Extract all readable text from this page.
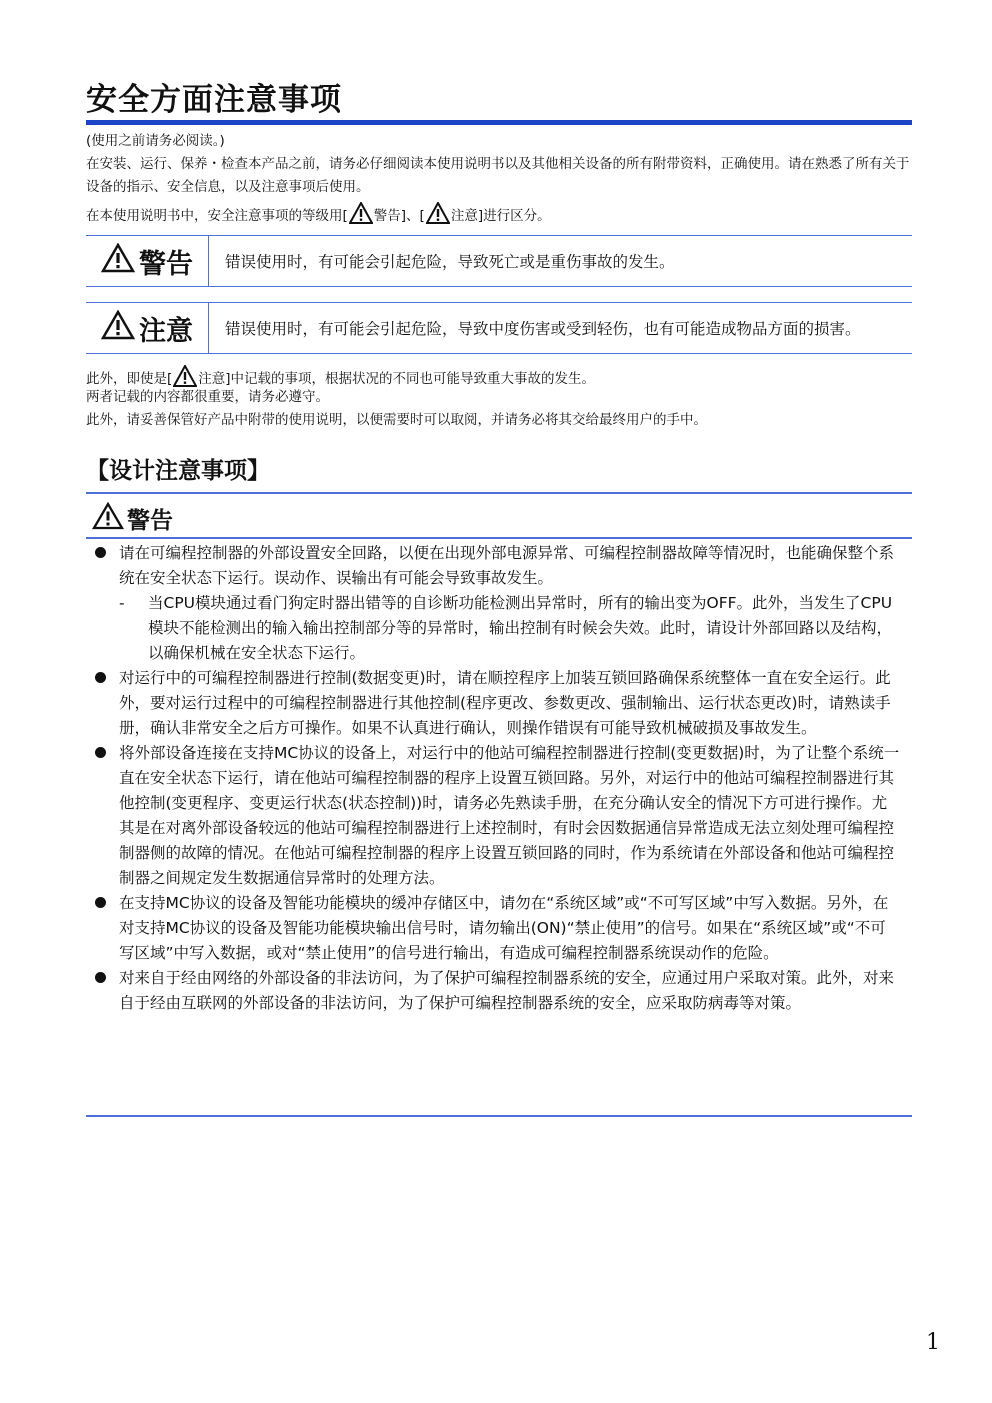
安全方面注意事项
(使用之前请务必阅读。)
在安装、运行、保养・检查本产品之前，请务必仔细阅读本使用说明书以及其他相关设备的所有附带资料，正确使用。请在熟悉了所有关于设备的指示、安全信息，以及注意事项后使用。
在本使用说明书中，安全注意事项的等级用[ 警告]、[ 注意]进行区分。
警告	错误使用时，有可能会引起危险，导致死亡或是重伤事故的发生。
注意	错误使用时，有可能会引起危险，导致中度伤害或受到轻伤，也有可能造成物品方面的损害。
此外，即使是[ 注意]中记载的事项，根据状况的不同也可能导致重大事故的发生。
两者记载的内容都很重要，请务必遵守。
此外，请妥善保管好产品中附带的使用说明，以便需要时可以取阅，并请务必将其交给最终用户的手中。
【设计注意事项】
警告
请在可编程控制器的外部设置安全回路，以便在出现外部电源异常、可编程控制器故障等情况时，也能确保整个系统在安全状态下运行。误动作、误输出有可能会导致事故发生。
- 当CPU模块通过看门狗定时器出错等的自诊断功能检测出异常时，所有的输出变为OFF。此外，当发生了CPU模块不能检测出的输入输出控制部分等的异常时，输出控制有时候会失效。此时，请设计外部回路以及结构，以确保机械在安全状态下运行。
对运行中的可编程控制器进行控制(数据变更)时，请在顺控程序上加装互锁回路确保系统整体一直在安全运行。此外，要对运行过程中的可编程控制器进行其他控制(程序更改、参数更改、强制输出、运行状态更改)时，请熟读手册，确认非常安全之后方可操作。如果不认真进行确认，则操作错误有可能导致机械破损及事故发生。
将外部设备连接在支持MC协议的设备上，对运行中的他站可编程控制器进行控制(变更数据)时，为了让整个系统一直在安全状态下运行，请在他站可编程控制器的程序上设置互锁回路。另外，对运行中的他站可编程控制器进行其他控制(变更程序、变更运行状态(状态控制))时，请务必先熟读手册，在充分确认安全的情况下方可进行操作。尤其是在对离外部设备较远的他站可编程控制器进行上述控制时，有时会因数据通信异常造成无法立刻处理可编程控制器侧的故障的情况。在他站可编程控制器的程序上设置互锁回路的同时，作为系统请在外部设备和他站可编程控制器之间规定发生数据通信异常时的处理方法。
在支持MC协议的设备及智能功能模块的缓冲存储区中，请勿在“系统区域”或“不可写区域”中写入数据。另外，在对支持MC协议的设备及智能功能模块输出信号时，请勿输出(ON)“禁止使用”的信号。如果在“系统区域”或“不可写区域”中写入数据，或对“禁止使用”的信号进行输出，有造成可编程控制器系统误动作的危险。
对来自于经由网络的外部设备的非法访问，为了保护可编程控制器系统的安全，应通过用户采取对策。此外，对来自于经由互联网的外部设备的非法访问，为了保护可编程控制器系统的安全，应采取防病毒等对策。
1
